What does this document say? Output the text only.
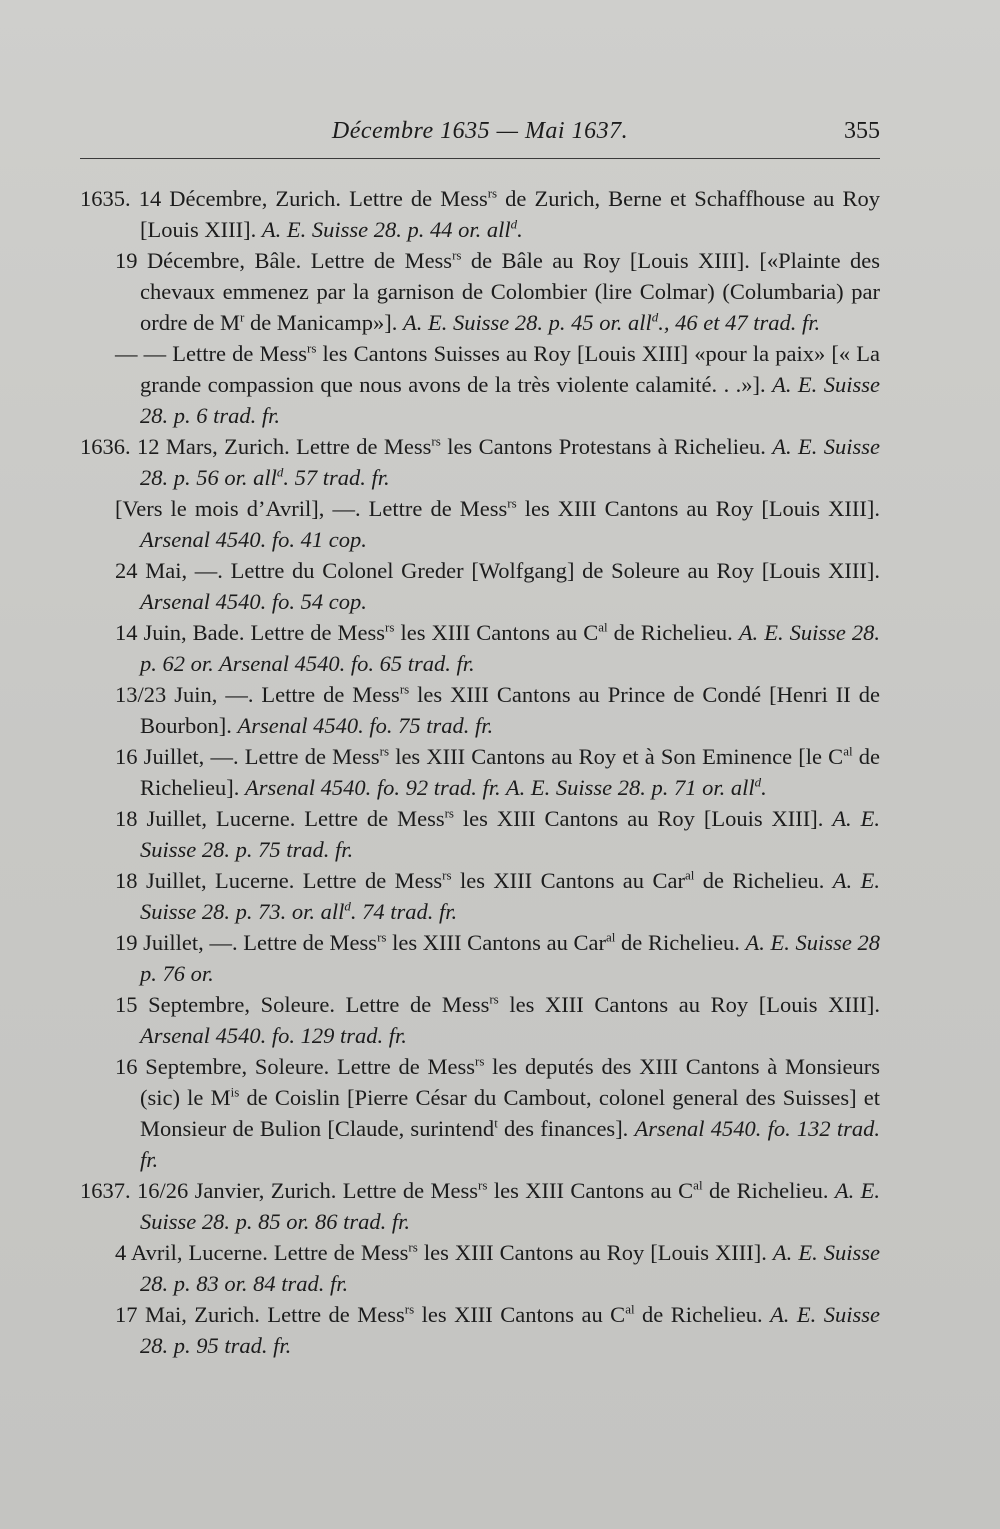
Décembre 1635 — Mai 1637.	355

1635. 14 Décembre, Zurich. Lettre de Mess$^{rs}$ de Zurich, Berne et Schaffhouse au Roy [Louis XIII]. A. E. Suisse 28. p. 44 or. all$^d$.

19 Décembre, Bâle. Lettre de Mess$^{rs}$ de Bâle au Roy [Louis XIII]. [«Plainte des chevaux emmenez par la garnison de Colombier (lire Colmar) (Columbaria) par ordre de $M^r$ de Manicamp»]. A. E. Suisse 28. p. 45 or. all$^d$., 46 et 47 trad. fr.

— — Lettre de Mess$^{rs}$ les Cantons Suisses au Roy [Louis XIII] «pour la paix» [« La grande compassion que nous avons de la très violente calamité. . .»]. A. E. Suisse 28. p. 6 trad. fr.

1636. 12 Mars, Zurich. Lettre de Mess$^{rs}$ les Cantons Protestans à Richelieu. A. E. Suisse 28. p. 56 or. all$^d$. 57 trad. fr.

[Vers le mois d’Avril], —. Lettre de Mess$^{rs}$ les XIII Cantons au Roy [Louis XIII]. Arsenal 4540. fo. 41 cop.

24 Mai, —. Lettre du Colonel Greder [Wolfgang] de Soleure au Roy [Louis XIII]. Arsenal 4540. fo. 54 cop.

14 Juin, Bade. Lettre de Mess$^{rs}$ les XIII Cantons au $C^{al}$ de Richelieu. A. E. Suisse 28. p. 62 or. Arsenal 4540. fo. 65 trad. fr.

13/23 Juin, —. Lettre de Mess$^{rs}$ les XIII Cantons au Prince de Condé [Henri II de Bourbon]. Arsenal 4540. fo. 75 trad. fr.

16 Juillet, —. Lettre de Mess$^{rs}$ les XIII Cantons au Roy et à Son Eminence [le $C^{al}$ de Richelieu]. Arsenal 4540. fo. 92 trad. fr. A. E. Suisse 28. p. 71 or. all$^d$.

18 Juillet, Lucerne. Lettre de Mess$^{rs}$ les XIII Cantons au Roy [Louis XIII]. A. E. Suisse 28. p. 75 trad. fr.

18 Juillet, Lucerne. Lettre de Mess$^{rs}$ les XIII Cantons au Car$^{al}$ de Richelieu. A. E. Suisse 28. p. 73. or. all$^d$. 74 trad. fr.

19 Juillet, —. Lettre de Mess$^{rs}$ les XIII Cantons au Car$^{al}$ de Richelieu. A. E. Suisse 28 p. 76 or.

15 Septembre, Soleure. Lettre de Mess$^{rs}$ les XIII Cantons au Roy [Louis XIII]. Arsenal 4540. fo. 129 trad. fr.

16 Septembre, Soleure. Lettre de Mess$^{rs}$ les deputés des XIII Cantons à Monsieurs (sic) le $M^{is}$ de Coislin [Pierre César du Cambout, colonel general des Suisses] et Monsieur de Bulion [Claude, surintend$^t$ des finances]. Arsenal 4540. fo. 132 trad. fr.

1637. 16/26 Janvier, Zurich. Lettre de Mess$^{rs}$ les XIII Cantons au $C^{al}$ de Richelieu. A. E. Suisse 28. p. 85 or. 86 trad. fr.

4 Avril, Lucerne. Lettre de Mess$^{rs}$ les XIII Cantons au Roy [Louis XIII]. A. E. Suisse 28. p. 83 or. 84 trad. fr.

17 Mai, Zurich. Lettre de Mess$^{rs}$ les XIII Cantons au $C^{al}$ de Richelieu. A. E. Suisse 28. p. 95 trad. fr.
